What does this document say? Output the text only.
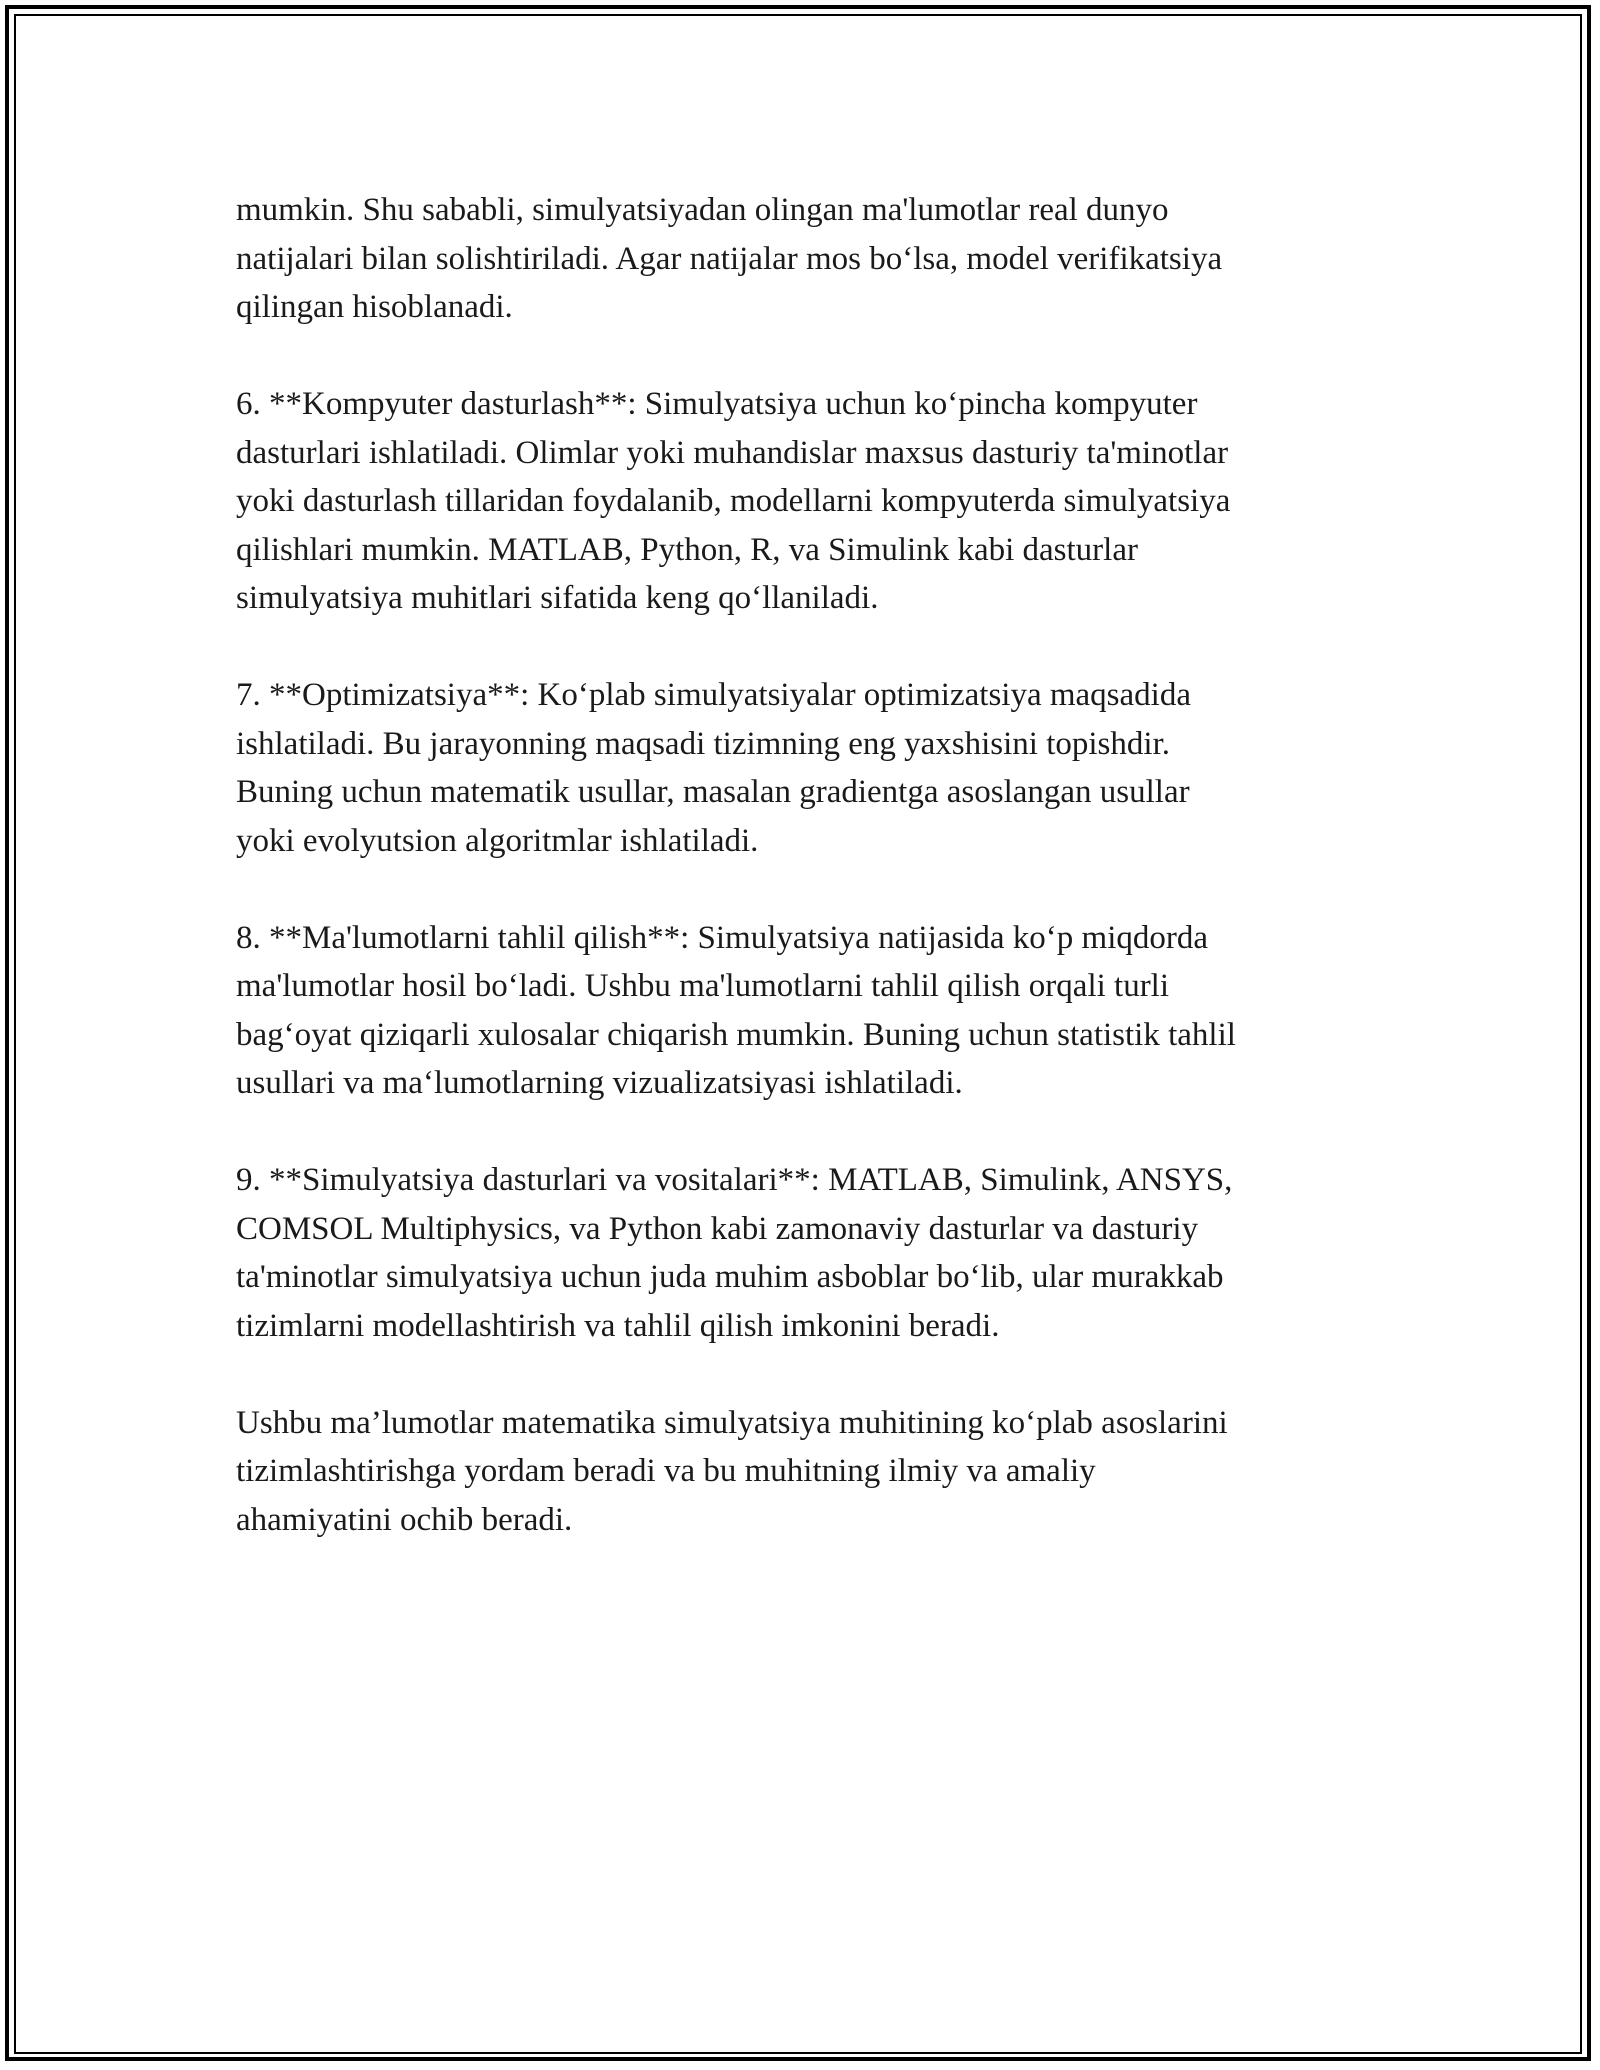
mumkin. Shu sababli, simulyatsiyadan olingan ma'lumotlar real dunyo
natijalari bilan solishtiriladi. Agar natijalar mos bo‘lsa, model verifikatsiya
qilingan hisoblanadi.

6. **Kompyuter dasturlash**: Simulyatsiya uchun ko‘pincha kompyuter
dasturlari ishlatiladi. Olimlar yoki muhandislar maxsus dasturiy ta'minotlar
yoki dasturlash tillaridan foydalanib, modellarni kompyuterda simulyatsiya
qilishlari mumkin. MATLAB, Python, R, va Simulink kabi dasturlar
simulyatsiya muhitlari sifatida keng qo‘llaniladi.

7. **Optimizatsiya**: Ko‘plab simulyatsiyalar optimizatsiya maqsadida
ishlatiladi. Bu jarayonning maqsadi tizimning eng yaxshisini topishdir.
Buning uchun matematik usullar, masalan gradientga asoslangan usullar
yoki evolyutsion algoritmlar ishlatiladi.

8. **Ma'lumotlarni tahlil qilish**: Simulyatsiya natijasida ko‘p miqdorda
ma'lumotlar hosil bo‘ladi. Ushbu ma'lumotlarni tahlil qilish orqali turli
bag‘oyat qiziqarli xulosalar chiqarish mumkin. Buning uchun statistik tahlil
usullari va ma‘lumotlarning vizualizatsiyasi ishlatiladi.

9. **Simulyatsiya dasturlari va vositalari**: MATLAB, Simulink, ANSYS,
COMSOL Multiphysics, va Python kabi zamonaviy dasturlar va dasturiy
ta'minotlar simulyatsiya uchun juda muhim asboblar bo‘lib, ular murakkab
tizimlarni modellashtirish va tahlil qilish imkonini beradi.

Ushbu ma’lumotlar matematika simulyatsiya muhitining ko‘plab asoslarini
tizimlashtirishga yordam beradi va bu muhitning ilmiy va amaliy
ahamiyatini ochib beradi.
